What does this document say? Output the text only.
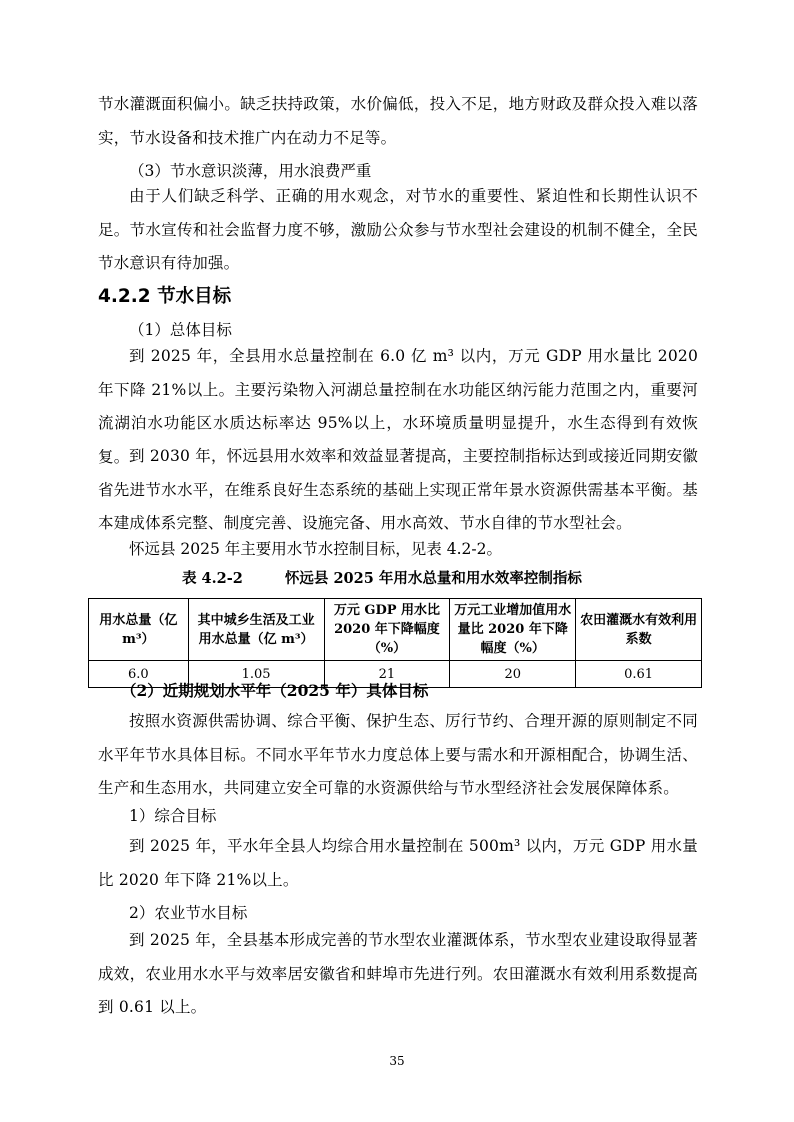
节水灌溉面积偏小。缺乏扶持政策，水价偏低，投入不足，地方财政及群众投入难以落实，节水设备和技术推广内在动力不足等。

（3）节水意识淡薄，用水浪费严重

由于人们缺乏科学、正确的用水观念，对节水的重要性、紧迫性和长期性认识不足。节水宣传和社会监督力度不够，激励公众参与节水型社会建设的机制不健全，全民节水意识有待加强。

4.2.2 节水目标
（1）总体目标

到 2025 年，全县用水总量控制在 6.0 亿 m³ 以内，万元 GDP 用水量比 2020 年下降 21%以上。主要污染物入河湖总量控制在水功能区纳污能力范围之内，重要河流湖泊水功能区水质达标率达 95%以上，水环境质量明显提升，水生态得到有效恢复。 到 2030 年，怀远县用水效率和效益显著提高，主要控制指标达到或接近同期安徽省先进节水水平，在维系良好生态系统的基础上实现正常年景水资源供需基本平衡。基本建成体系完整、制度完善、设施完备、用水高效、节水自律的节水型社会。

怀远县 2025 年主要用水节水控制目标，见表 4.2-2。
表 4.2-2	怀远县 2025 年用水总量和用水效率控制指标
用水总量（亿 m³）	其中城乡生活及工业用水总量（亿 m³）	万元 GDP 用水比 2020 年下降幅度（%）	万元工业增加值用水量比 2020 年下降幅度（%）	农田灌溉水有效利用系数
6.0	1.05	21	20	0.61
（2）近期规划水平年（2025 年）具体目标

按照水资源供需协调、综合平衡、保护生态、厉行节约、合理开源的原则制定不同水平年节水具体目标。不同水平年节水力度总体上要与需水和开源相配合，协调生活、生产和生态用水，共同建立安全可靠的水资源供给与节水型经济社会发展保障体系。

1）综合目标

到 2025 年，平水年全县人均综合用水量控制在 500m³ 以内，万元 GDP 用水量比 2020 年下降 21%以上。

2）农业节水目标

到 2025 年，全县基本形成完善的节水型农业灌溉体系，节水型农业建设取得显著成效，农业用水水平与效率居安徽省和蚌埠市先进行列。农田灌溉水有效利用系数提高到 0.61 以上。

35
